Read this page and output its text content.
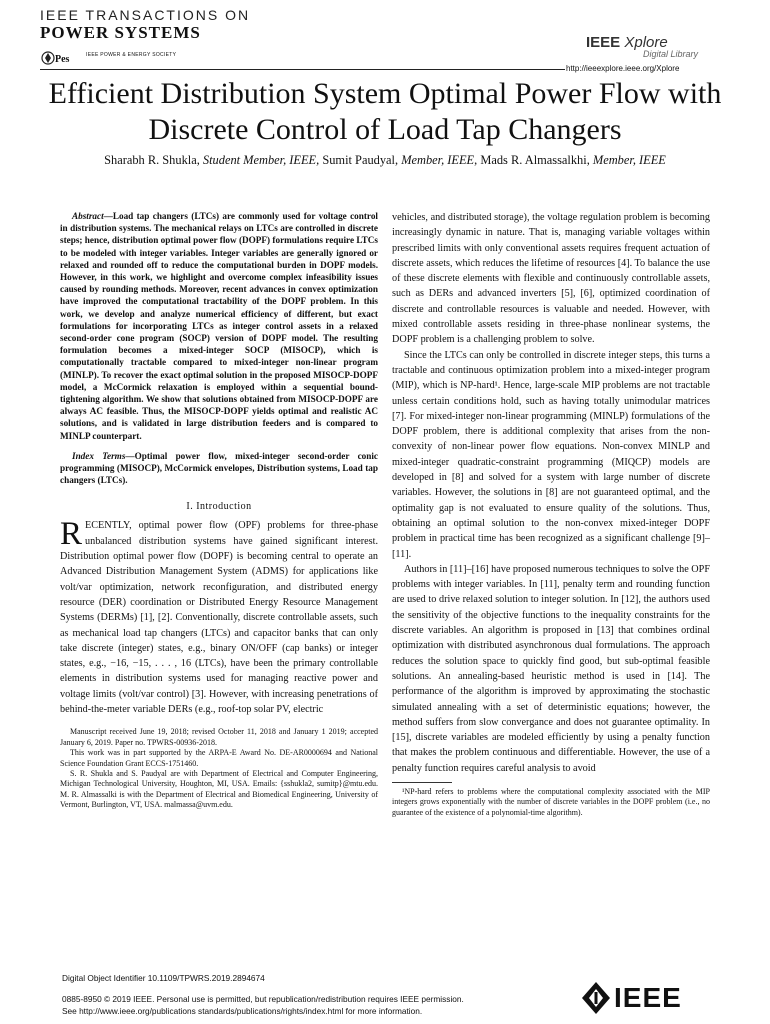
IEEE TRANSACTIONS ON
POWER SYSTEMS
Pes	IEEE POWER & ENERGY SOCIETY
IEEE Xplore
Digital Library
http://ieeexplore.ieee.org/Xplore
Efficient Distribution System Optimal Power Flow with Discrete Control of Load Tap Changers
Sharabh R. Shukla, Student Member, IEEE, Sumit Paudyal, Member, IEEE, Mads R. Almassalkhi, Member, IEEE

Abstract—Load tap changers (LTCs) are commonly used for voltage control in distribution systems. The mechanical relays on LTCs are controlled in discrete steps; hence, distribution optimal power flow (DOPF) formulations require LTCs to be modeled with integer variables. Integer variables are generally ignored or relaxed and rounded off to reduce the computational burden in DOPF models. However, in this work, we highlight and overcome complex infeasibility issues caused by rounding methods. Moreover, recent advances in convex optimization have improved the computational tractability of the DOPF problem. In this work, we develop and analyze numerical efficiency of different, but exact formulations for incorporating LTCs as integer control assets in a relaxed second-order cone program (SOCP) version of DOPF model. The resulting formulation becomes a mixed-integer SOCP (MISOCP), which is computationally tractable compared to mixed-integer non-linear program (MINLP). To recover the exact optimal solution in the proposed MISOCP-DOPF model, a McCormick relaxation is employed within a sequential bound-tightening algorithm. We show that solutions obtained from MISOCP-DOPF are always AC feasible. Thus, the MISOCP-DOPF yields optimal and realistic AC solutions, and is validated in large distribution feeders and is compared to MINLP counterpart.

Index Terms—Optimal power flow, mixed-integer second-order conic programming (MISOCP), McCormick envelopes, Distribution systems, Load tap changers (LTCs).

I. Introduction

RECENTLY, optimal power flow (OPF) problems for three-phase unbalanced distribution systems have gained significant interest. Distribution optimal power flow (DOPF) is becoming central to operate an Advanced Distribution Management System (ADMS) for applications like volt/var optimization, network reconfiguration, and distributed energy resource (DER) coordination or Distributed Energy Resource Management Systems (DERMs) [1], [2]. Conventionally, discrete controllable assets, such as mechanical load tap changers (LTCs) and capacitor banks that can only take discrete (integer) states, e.g., binary ON/OFF (cap banks) or integer states, e.g., −16, −15, . . . , 16 (LTCs), have been the primary controllable elements in distribution systems used for managing reactive power and voltage limits (volt/var control) [3]. However, with increasing penetrations of behind-the-meter variable DERs (e.g., roof-top solar PV, electric

Manuscript received June 19, 2018; revised October 11, 2018 and January 1 2019; accepted January 6, 2019. Paper no. TPWRS-00936-2018.

This work was in part supported by the ARPA-E Award No. DE-AR0000694 and National Science Foundation Grant ECCS-1751460.

S. R. Shukla and S. Paudyal are with Department of Electrical and Computer Engineering, Michigan Technological University, Houghton, MI, USA. Emails: {sshukla2, sumitp}@mtu.edu. M. R. Almassalki is with the Department of Electrical and Biomedical Engineering, University of Vermont, Burlington, VT, USA. malmassa@uvm.edu.

vehicles, and distributed storage), the voltage regulation problem is becoming increasingly dynamic in nature. That is, managing variable voltages within prescribed limits with only conventional assets requires frequent actuation of discrete assets, which reduces the lifetime of resources [4]. To balance the use of these discrete elements with flexible and continuously controllable assets, such as DERs and advanced inverters [5], [6], optimized coordination of discrete and controllable resources is valuable and needed. However, with mixed controllable assets residing in three-phase nonlinear systems, the DOPF problem is a challenging problem to solve.

Since the LTCs can only be controlled in discrete integer steps, this turns a tractable and continuous optimization problem into a mixed-integer program (MIP), which is NP-hard¹. Hence, large-scale MIP problems are not tractable unless certain conditions hold, such as having totally unimodular matrices [7]. For mixed-integer non-linear programming (MINLP) formulations of the DOPF problem, there is additional complexity that arises from the non-convexity of non-linear power flow equations. Non-convex MINLP and mixed-integer quadratic-constraint programming (MIQCP) models are developed in [8] and solved for a system with large number of discrete variables. However, the solutions in [8] are not guaranteed optimal, and the optimality gap is not evaluated to ensure quality of the solutions. Thus, obtaining an optimal solution to the non-convex mixed-integer DOPF problem in practical time has been recognized as a significant challenge [9]–[11].

Authors in [11]–[16] have proposed numerous techniques to solve the OPF problems with integer variables. In [11], penalty term and rounding function are used to drive relaxed solution to integer solution. In [12], the authors used the sensitivity of the objective functions to the inequality constraints for the discrete variables. An algorithm is proposed in [13] that combines ordinal optimization with distributed asynchronous dual formulations. The approach reduces the solution space to quickly find good, but sub-optimal feasible solutions. An annealing-based heuristic method is used in [14]. The performance of the algorithm is improved by approximating the stochastic simulated annealing with a set of deterministic equations; however, the method suffers from slow convergance and does not guarantee optimality. In [15], discrete variables are modeled efficiently by using a penalty function that makes the problem continuous and differentiable. However, the use of a penalty function requires careful analysis to avoid

¹NP-hard refers to problems where the computational complexity associated with the MIP integers grows exponentially with the number of discrete variables in the DOPF problem (i.e., no guarantee of the existence of a polynomial-time algorithm).

Digital Object Identifier 10.1109/TPWRS.2019.2894674
0885-8950 © 2019 IEEE. Personal use is permitted, but republication/redistribution requires IEEE permission.
See http://www.ieee.org/publications standards/publications/rights/index.html for more information.	IEEE
